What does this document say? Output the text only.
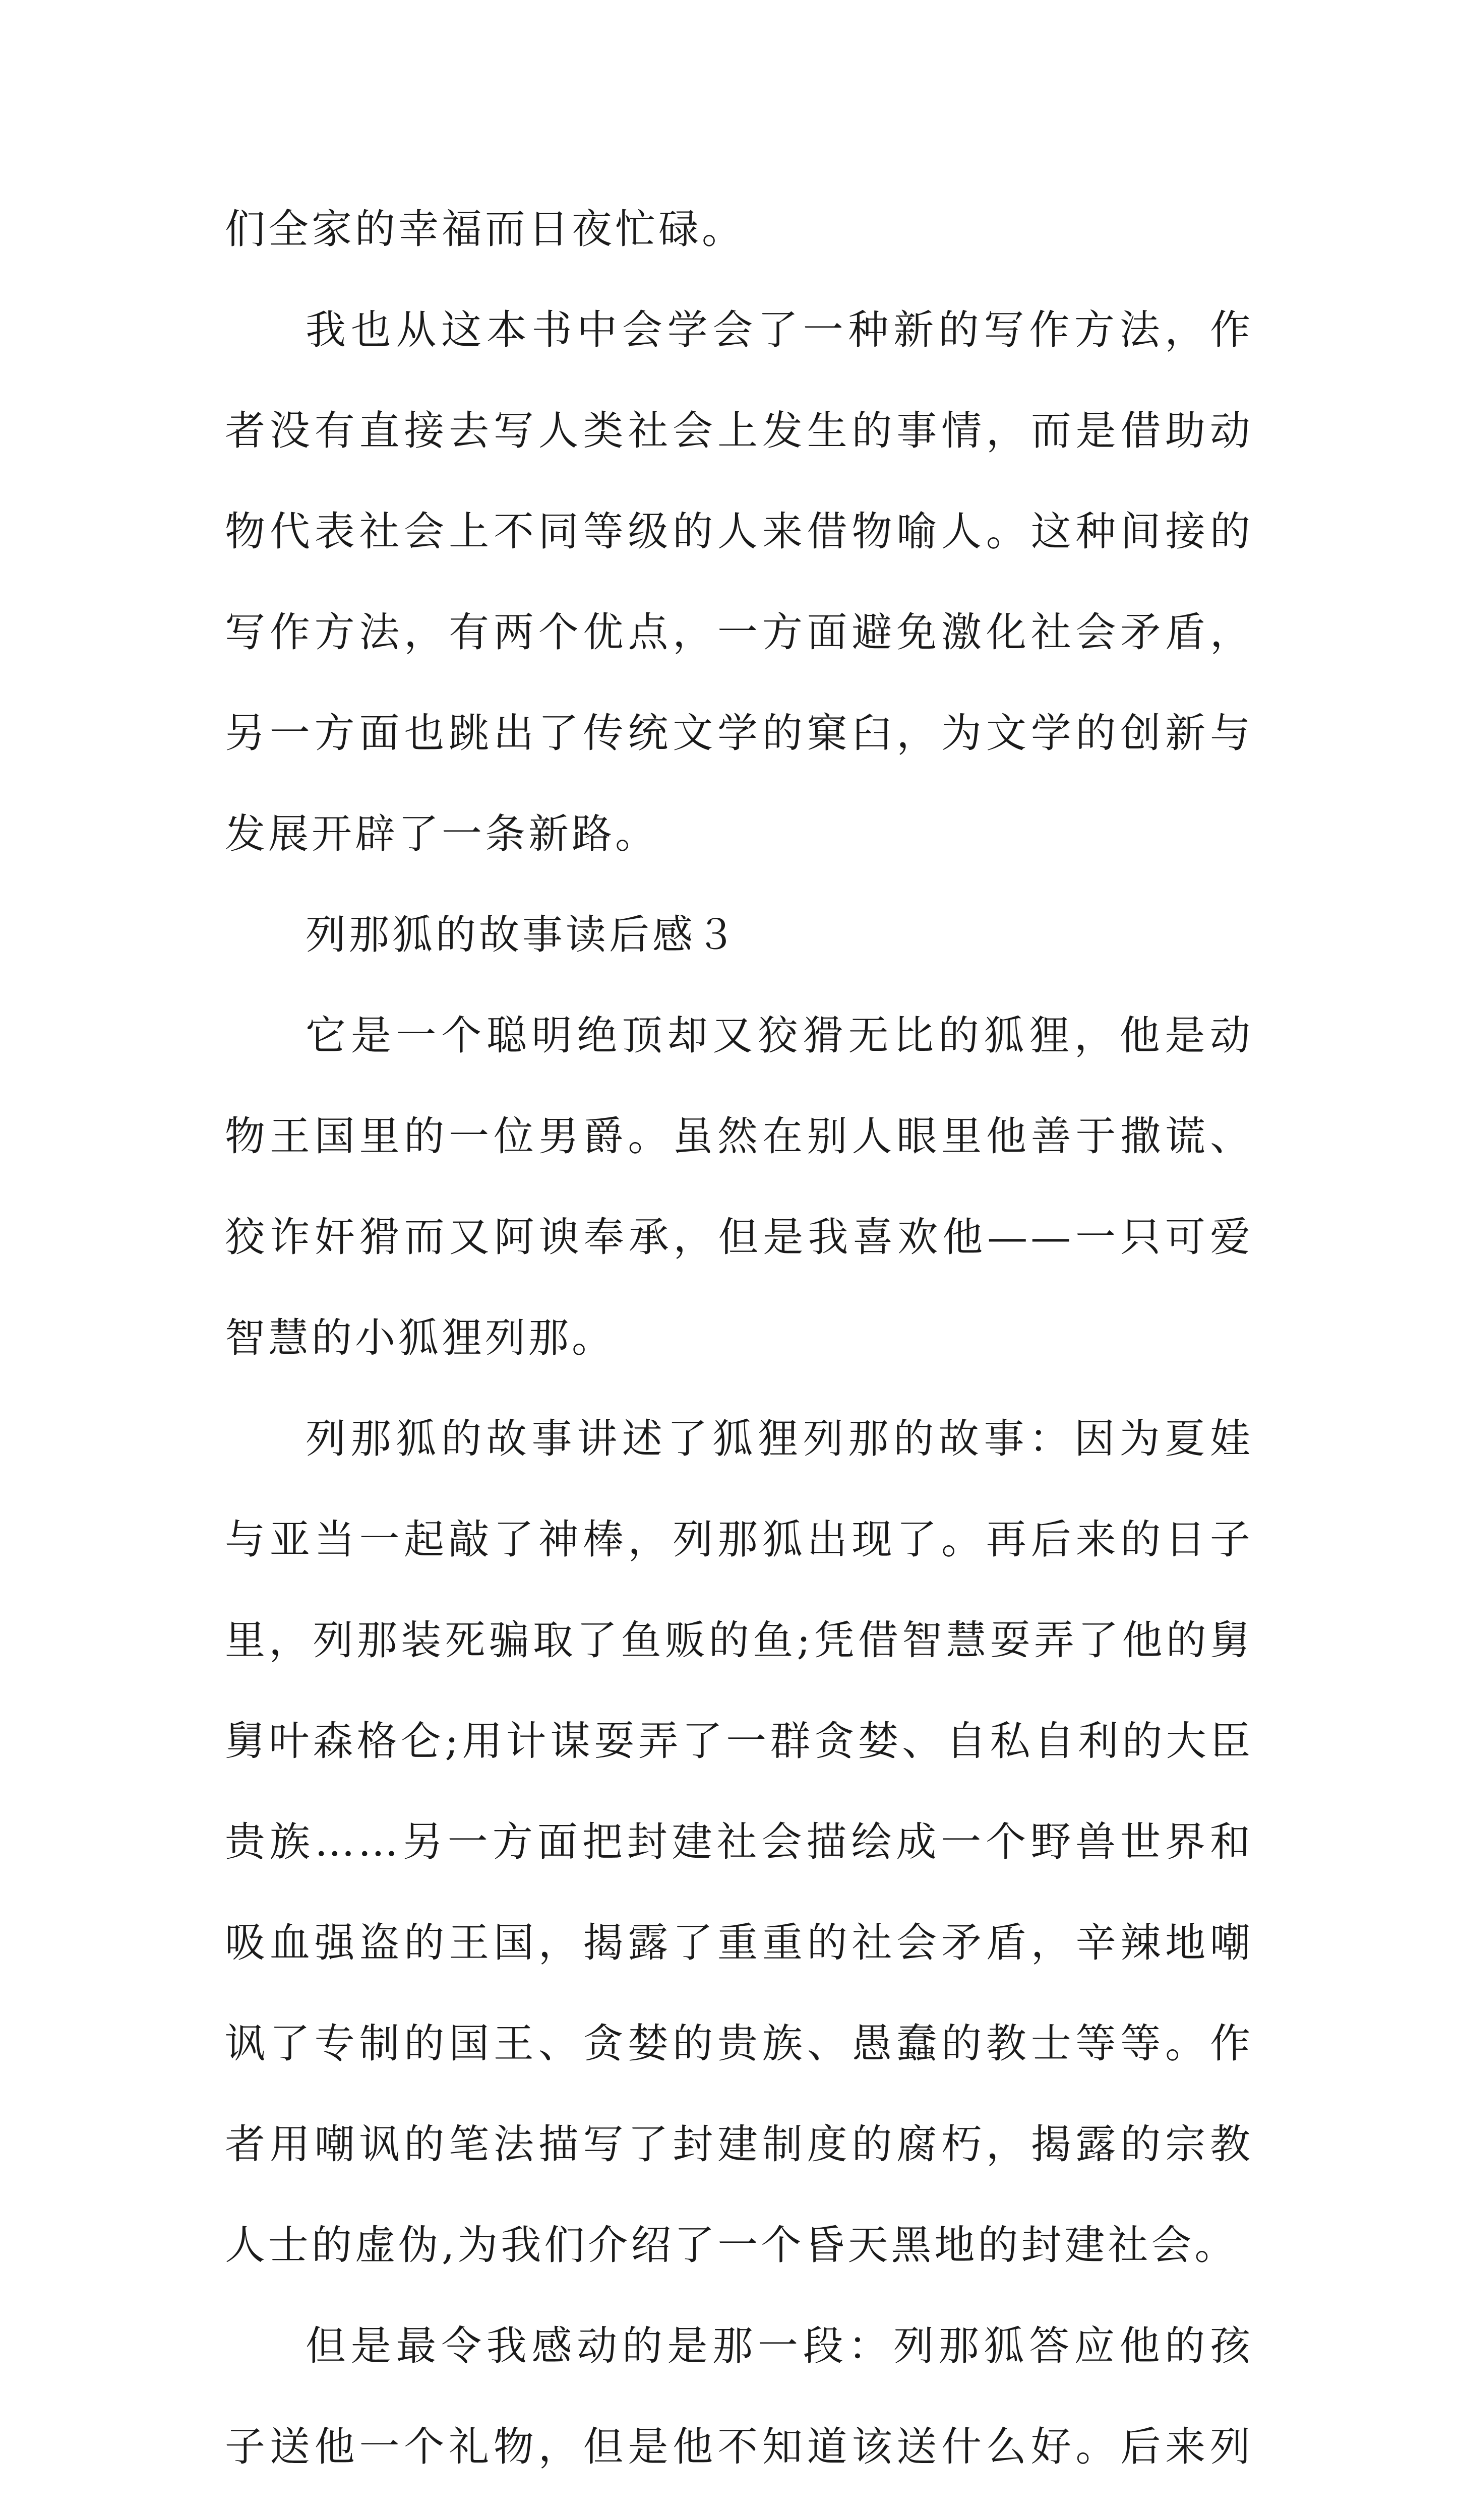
们全家的幸福而日夜忙碌。

我也从这本书中会学会了一种新的写作方法，作者没有直接去写人类社会上发生的事情，而是借助动物代表社会上不同等级的人来借物喻人。这种间接的写作方法，有两个优点，一方面避免激化社会矛盾，另一方面也跳出了传统文学的窠臼，为文学的创新与发展开辟了一条新路。

列那狐的故事读后感３

它是一个聪明绝顶却又狡猾无比的狐狸，他是动物王国里的一位男爵。虽然在别人眼里他善于撒谎、狡诈奸猾而又阿谀奉承，但是我喜欢他——一只可爱智慧的小狐狸列那。

列那狐的故事讲述了狐狸列那的故事：因为夏娃与亚当一起敲了神棒，列那狐出现了。再后来的日子里，列那装死骗取了鱼贩的鱼;凭借智慧耍弄了他的舅舅叶森格仑;用计谋耍弄了一群贪婪、自私自利的大臣贵族……另一方面把封建社会描绘成一个野兽世界和吸血强盗的王国，揭露了重重的社会矛盾，辛辣地嘲讽了专制的国王、贪婪的贵族、愚蠢的教士等等。作者用嘲讽的笔法描写了封建制度的腐朽，揭露的宗教人士的虚伪,为我们介绍了一个昏天黑地的封建社会。

但是最令我感动的是那一段：列那狐答应他的孩子送他一个礼物，但是他不知道该送什么好。后来列
